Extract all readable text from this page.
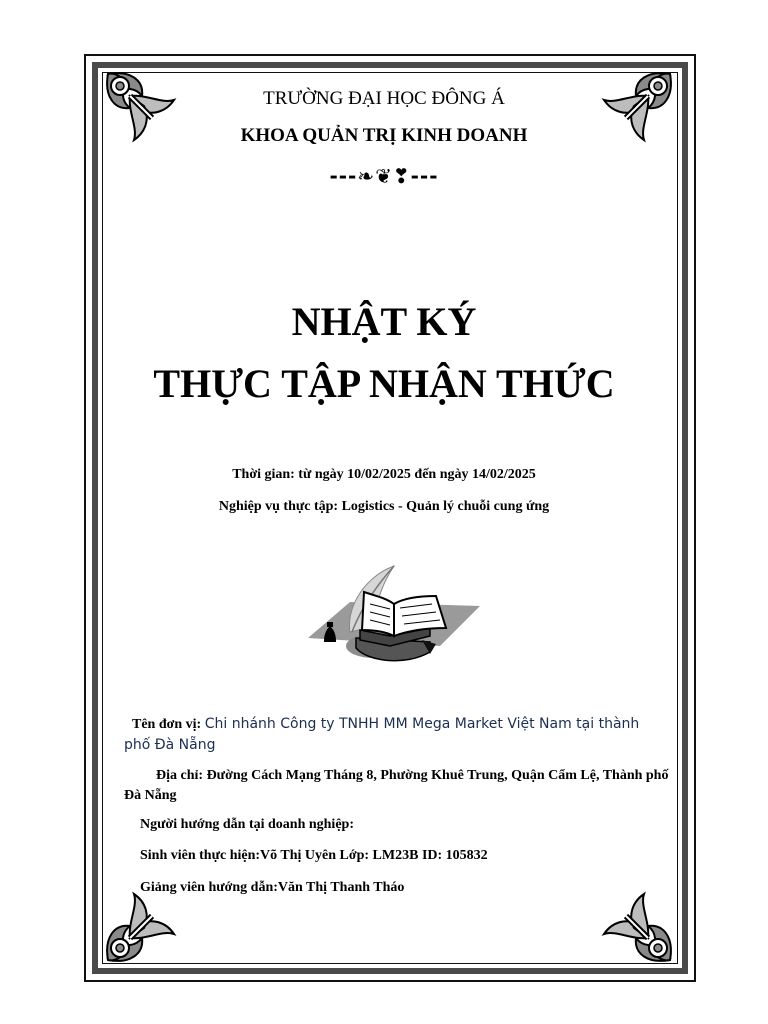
TRƯỜNG ĐẠI HỌC ĐÔNG Á
KHOA QUẢN TRỊ KINH DOANH
---❧❦❣---
NHẬT KÝ
THỰC TẬP NHẬN THỨC
Thời gian: từ ngày 10/02/2025 đến ngày 14/02/2025
Nghiệp vụ thực tập: Logistics - Quản lý chuỗi cung ứng
Tên đơn vị: Chi nhánh Công ty TNHH MM Mega Market Việt Nam tại thành phố Đà Nẵng
Địa chỉ: Đường Cách Mạng Tháng 8, Phường Khuê Trung, Quận Cẩm Lệ, Thành phố Đà Nẵng
Người hướng dẫn tại doanh nghiệp:
Sinh viên thực hiện:Võ Thị Uyên Lớp: LM23B ID: 105832
Giảng viên hướng dẫn:Văn Thị Thanh Tháo
